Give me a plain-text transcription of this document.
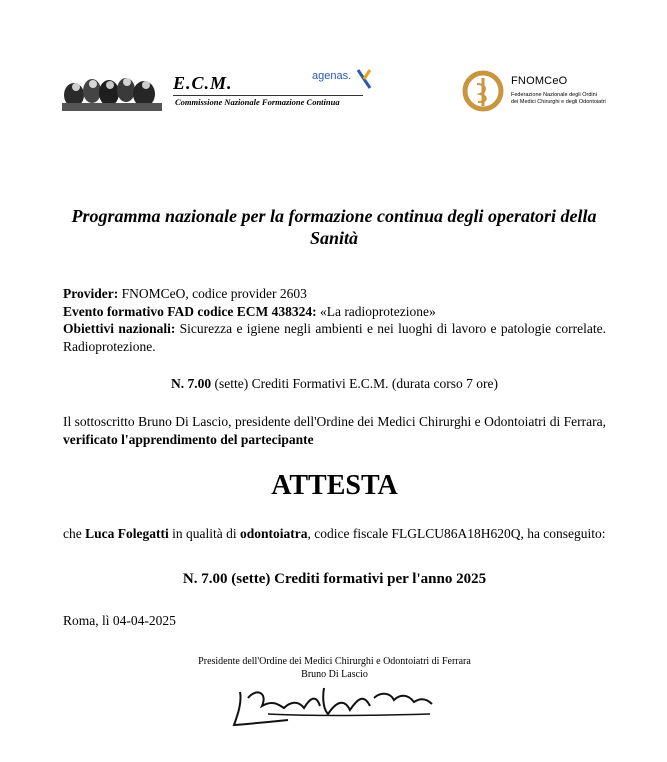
E.C.M.
Commissione Nazionale Formazione Continua
agenas.	FNOMCeO
Federazione Nazionale degli Ordini
dei Medici Chirurghi e degli Odontoiatri
Programma nazionale per la formazione continua degli operatori della Sanità
Provider: FNOMCeO, codice provider 2603
Evento formativo FAD codice ECM 438324: «La radioprotezione»
Obiettivi nazionali: Sicurezza e igiene negli ambienti e nei luoghi di lavoro e patologie correlate. Radioprotezione.
N. 7.00 (sette) Crediti Formativi E.C.M. (durata corso 7 ore)
Il sottoscritto Bruno Di Lascio, presidente dell'Ordine dei Medici Chirurghi e Odontoiatri di Ferrara, verificato l'apprendimento del partecipante
ATTESTA
che Luca Folegatti in qualità di odontoiatra, codice fiscale FLGLCU86A18H620Q, ha conseguito:
N. 7.00 (sette) Crediti formativi per l'anno 2025
Roma, lì 04-04-2025
Presidente dell'Ordine dei Medici Chirurghi e Odontoiatri di Ferrara
Bruno Di Lascio
